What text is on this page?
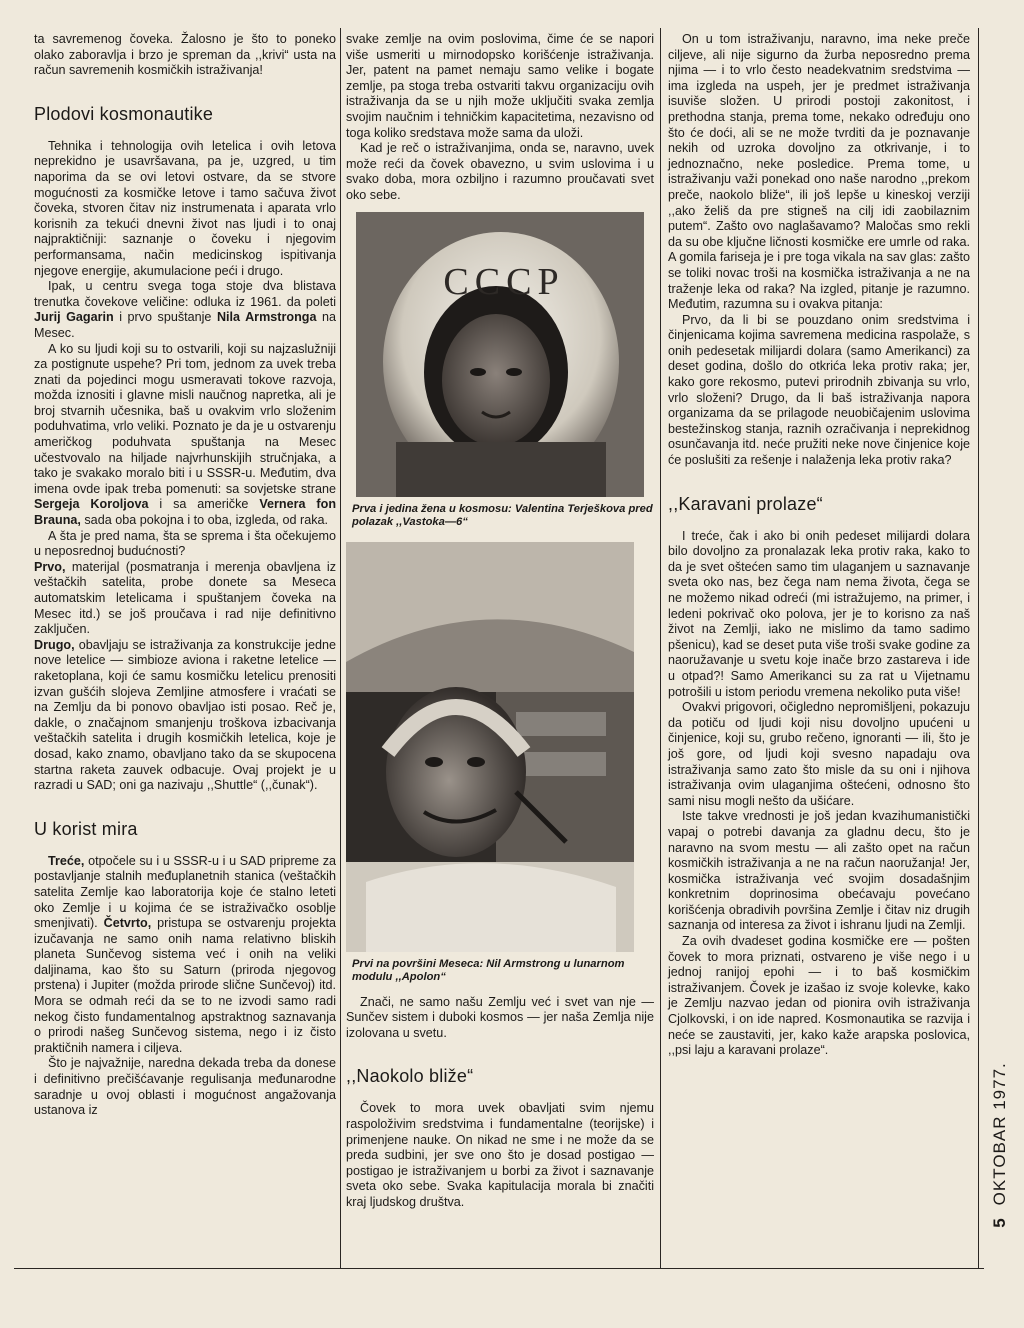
ta savremenog čoveka. Žalosno je što to poneko olako zaboravlja i brzo je spreman da ,,krivi“ usta na račun savremenih kosmičkih istraživanja!

Plodovi kosmonautike

Tehnika i tehnologija ovih letelica i ovih letova neprekidno je usavršavana, pa je, uzgred, u tim naporima da se ovi letovi ostvare, da se stvore mogućnosti za kosmičke letove i tamo sačuva život čoveka, stvoren čitav niz instrumenata i aparata vrlo korisnih za tekući dnevni život nas ljudi i to onaj najpraktičniji: saznanje o čoveku i njegovim performansama, način medicinskog ispitivanja njegove energije, akumulacione peći i drugo.

Ipak, u centru svega toga stoje dva blistava trenutka čovekove veličine: odluka iz 1961. da poleti Jurij Gagarin i prvo spuštanje Nila Armstronga na Mesec.

A ko su ljudi koji su to ostvarili, koji su najzaslužniji za postignute uspehe? Pri tom, jednom za uvek treba znati da pojedinci mogu usmeravati tokove razvoja, možda iznositi i glavne misli naučnog napretka, ali je broj stvarnih učesnika, baš u ovakvim vrlo složenim poduhvatima, vrlo veliki. Poznato je da je u ostvarenju američkog poduhvata spuštanja na Mesec učestvovalo na hiljade najvrhunskijih stručnjaka, a tako je svakako moralo biti i u SSSR-u. Međutim, dva imena ovde ipak treba pomenuti: sa sovjetske strane Sergeja Koroljova i sa američke Vernera fon Brauna, sada oba pokojna i to oba, izgleda, od raka.

A šta je pred nama, šta se sprema i šta očekujemo u neposrednoj budućnosti?

Prvo, materijal (posmatranja i merenja obavljena iz veštačkih satelita, probe donete sa Meseca automatskim letelicama i spuštanjem čoveka na Mesec itd.) se još proučava i rad nije definitivno zaključen.

Drugo, obavljaju se istraživanja za konstrukcije jedne nove letelice — simbioze aviona i raketne letelice — raketoplana, koji će samu kosmičku letelicu prenositi izvan gušćih slojeva Zemljine atmosfere i vraćati se na Zemlju da bi ponovo obavljao isti posao. Reč je, dakle, o značajnom smanjenju troškova izbacivanja veštačkih satelita i drugih kosmičkih letelica, koje je dosad, kako znamo, obavljano tako da se skupocena startna raketa zauvek odbacuje. Ovaj projekt je u razradi u SAD; oni ga nazivaju ,,Shuttle“ (,,čunak“).

U korist mira

Treće, otpočele su i u SSSR-u i u SAD pripreme za postavljanje stalnih međuplanetnih stanica (veštačkih satelita Zemlje kao laboratorija koje će stalno leteti oko Zemlje i u kojima će se istraživačko osoblje smenjivati). Četvrto, pristupa se ostvarenju projekta izučavanja ne samo onih nama relativno bliskih planeta Sunčevog sistema već i onih na veliki daljinama, kao što su Saturn (priroda njegovog prstena) i Jupiter (možda prirode slične Sunčevoj) itd. Mora se odmah reći da se to ne izvodi samo radi nekog čisto fundamentalnog apstraktnog saznavanja o prirodi našeg Sunčevog sistema, nego i iz čisto praktičnih namera i ciljeva.

Što je najvažnije, naredna dekada treba da donese i definitivno prečišćavanje regulisanja međunarodne saradnje u ovoj oblasti i mogućnost angažovanja ustanova iz

svake zemlje na ovim poslovima, čime će se napori više usmeriti u mirnodopsko korišćenje istraživanja. Jer, patent na pamet nemaju samo velike i bogate zemlje, pa stoga treba ostvariti takvu organizaciju ovih istraživanja da se u njih može uključiti svaka zemlja svojim naučnim i tehničkim kapacitetima, nezavisno od toga koliko sredstava može sama da uloži.

Kad je reč o istraživanjima, onda se, naravno, uvek može reći da čovek obavezno, u svim uslovima i u svako doba, mora ozbiljno i razumno proučavati svet oko sebe.

СССР
Prva i jedina žena u kosmosu: Valentina Terješkova pred polazak ,,Vastoka—6“
Prvi na površini Meseca: Nil Armstrong u lunarnom modulu ,,Apolon“

Znači, ne samo našu Zemlju već i svet van nje — Sunčev sistem i duboki kosmos — jer naša Zemlja nije izolovana u svetu.

,,Naokolo bliže“

Čovek to mora uvek obavljati svim njemu raspoloživim sredstvima i fundamentalne (teorijske) i primenjene nauke. On nikad ne sme i ne može da se preda sudbini, jer sve ono što je dosad postigao — postigao je istraživanjem u borbi za život i saznavanje sveta oko sebe. Svaka kapitulacija morala bi značiti kraj ljudskog društva.

On u tom istraživanju, naravno, ima neke preče ciljeve, ali nije sigurno da žurba neposredno prema njima — i to vrlo često neadekvatnim sredstvima — ima izgleda na uspeh, jer je predmet istraživanja isuviše složen. U prirodi postoji zakonitost, i prethodna stanja, prema tome, nekako određuju ono što će doći, ali se ne može tvrditi da je poznavanje nekih od uzroka dovoljno za otkrivanje, i to jednoznačno, neke posledice. Prema tome, u istraživanju važi ponekad ono naše narodno ,,prekom preče, naokolo bliže“, ili još lepše u kineskoj verziji ,,ako želiš da pre stigneš na cilj idi zaobilaznim putem“. Zašto ovo naglašavamo? Maločas smo rekli da su obe ključne ličnosti kosmičke ere umrle od raka. A gomila fariseja je i pre toga vikala na sav glas: zašto se toliki novac troši na kosmička istraživanja a ne na traženje leka od raka? Na izgled, pitanje je razumno. Međutim, razumna su i ovakva pitanja:

Prvo, da li bi se pouzdano onim sredstvima i činjenicama kojima savremena medicina raspolaže, s onih pedesetak milijardi dolara (samo Amerikanci) za deset godina, došlo do otkrića leka protiv raka; jer, kako gore rekosmo, putevi prirodnih zbivanja su vrlo, vrlo složeni? Drugo, da li baš istraživanja napora organizama da se prilagode neuobičajenim uslovima bestežinskog stanja, raznih ozračivanja i neprekidnog osunčavanja itd. neće pružiti neke nove činjenice koje će poslušiti za rešenje i nalaženja leka protiv raka?

,,Karavani prolaze“

I treće, čak i ako bi onih pedeset milijardi dolara bilo dovoljno za pronalazak leka protiv raka, kako to da je svet oštećen samo tim ulaganjem u saznavanje sveta oko nas, bez čega nam nema života, čega se ne možemo nikad odreći (mi istražujemo, na primer, i ledeni pokrivač oko polova, jer je to korisno za naš život na Zemlji, iako ne mislimo da tamo sadimo pšenicu), kad se deset puta više troši svake godine za naoružavanje u svetu koje inače brzo zastareva i ide u otpad?! Samo Amerikanci su za rat u Vijetnamu potrošili u istom periodu vremena nekoliko puta više!

Ovakvi prigovori, očigledno nepromišljeni, pokazuju da potiču od ljudi koji nisu dovoljno upućeni u činjenice, koji su, grubo rečeno, ignoranti — ili, što je još gore, od ljudi koji svesno napadaju ova istraživanja samo zato što misle da su oni i njihova istraživanja ovim ulaganjima oštećeni, odnosno što sami nisu mogli nešto da ušićare.

Iste takve vrednosti je još jedan kvazihumanistički vapaj o potrebi davanja za gladnu decu, što je naravno na svom mestu — ali zašto opet na račun kosmičkih istraživanja a ne na račun naoružanja! Jer, kosmička istraživanja već svojim dosadašnjim konkretnim doprinosima obećavaju povećano korišćenja obradivih površina Zemlje i čitav niz drugih saznanja od interesa za život i ishranu ljudi na Zemlji.

Za ovih dvadeset godina kosmičke ere — pošten čovek to mora priznati, ostvareno je više nego i u jednoj ranijoj epohi — i to baš kosmičkim istraživanjem. Čovek je izašao iz svoje kolevke, kako je Zemlju nazvao jedan od pionira ovih istraživanja Cjolkovski, i on ide napred. Kosmonautika se razvija i neće se zaustaviti, jer, kako kaže arapska poslovica, ,,psi laju a karavani prolaze“.

5OKTOBAR 1977.
